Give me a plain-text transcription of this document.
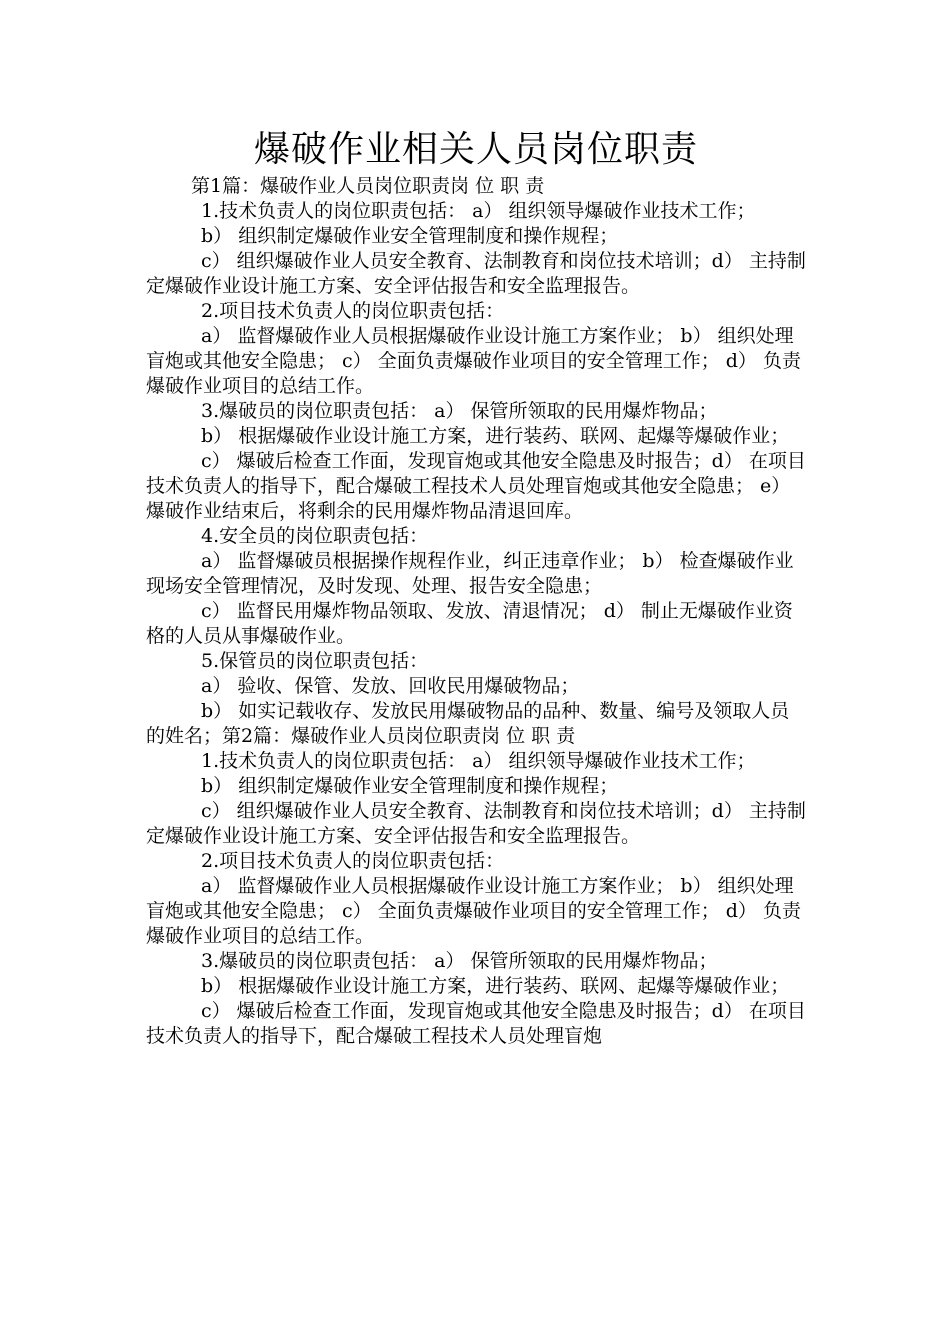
爆破作业相关人员岗位职责

第1篇：爆破作业人员岗位职责岗 位 职 责

1.技术负责人的岗位职责包括： a） 组织领导爆破作业技术工作；

b） 组织制定爆破作业安全管理制度和操作规程；

c） 组织爆破作业人员安全教育、法制教育和岗位技术培训；d） 主持制定爆破作业设计施工方案、安全评估报告和安全监理报告。

2.项目技术负责人的岗位职责包括：

a） 监督爆破作业人员根据爆破作业设计施工方案作业； b） 组织处理盲炮或其他安全隐患； c） 全面负责爆破作业项目的安全管理工作； d） 负责爆破作业项目的总结工作。

3.爆破员的岗位职责包括： a） 保管所领取的民用爆炸物品；

b） 根据爆破作业设计施工方案，进行装药、联网、起爆等爆破作业；

c） 爆破后检查工作面，发现盲炮或其他安全隐患及时报告；d） 在项目技术负责人的指导下，配合爆破工程技术人员处理盲炮或其他安全隐患； e） 爆破作业结束后，将剩余的民用爆炸物品清退回库。

4.安全员的岗位职责包括：

a） 监督爆破员根据操作规程作业，纠正违章作业； b） 检查爆破作业现场安全管理情况，及时发现、处理、报告安全隐患；

c） 监督民用爆炸物品领取、发放、清退情况； d） 制止无爆破作业资格的人员从事爆破作业。

5.保管员的岗位职责包括：

a） 验收、保管、发放、回收民用爆破物品；

b） 如实记载收存、发放民用爆破物品的品种、数量、编号及领取人员的姓名；第2篇：爆破作业人员岗位职责岗 位 职 责

1.技术负责人的岗位职责包括： a） 组织领导爆破作业技术工作；

b） 组织制定爆破作业安全管理制度和操作规程；

c） 组织爆破作业人员安全教育、法制教育和岗位技术培训；d） 主持制定爆破作业设计施工方案、安全评估报告和安全监理报告。

2.项目技术负责人的岗位职责包括：

a） 监督爆破作业人员根据爆破作业设计施工方案作业； b） 组织处理盲炮或其他安全隐患； c） 全面负责爆破作业项目的安全管理工作； d） 负责爆破作业项目的总结工作。

3.爆破员的岗位职责包括： a） 保管所领取的民用爆炸物品；

b） 根据爆破作业设计施工方案，进行装药、联网、起爆等爆破作业；

c） 爆破后检查工作面，发现盲炮或其他安全隐患及时报告；d） 在项目技术负责人的指导下，配合爆破工程技术人员处理盲炮
